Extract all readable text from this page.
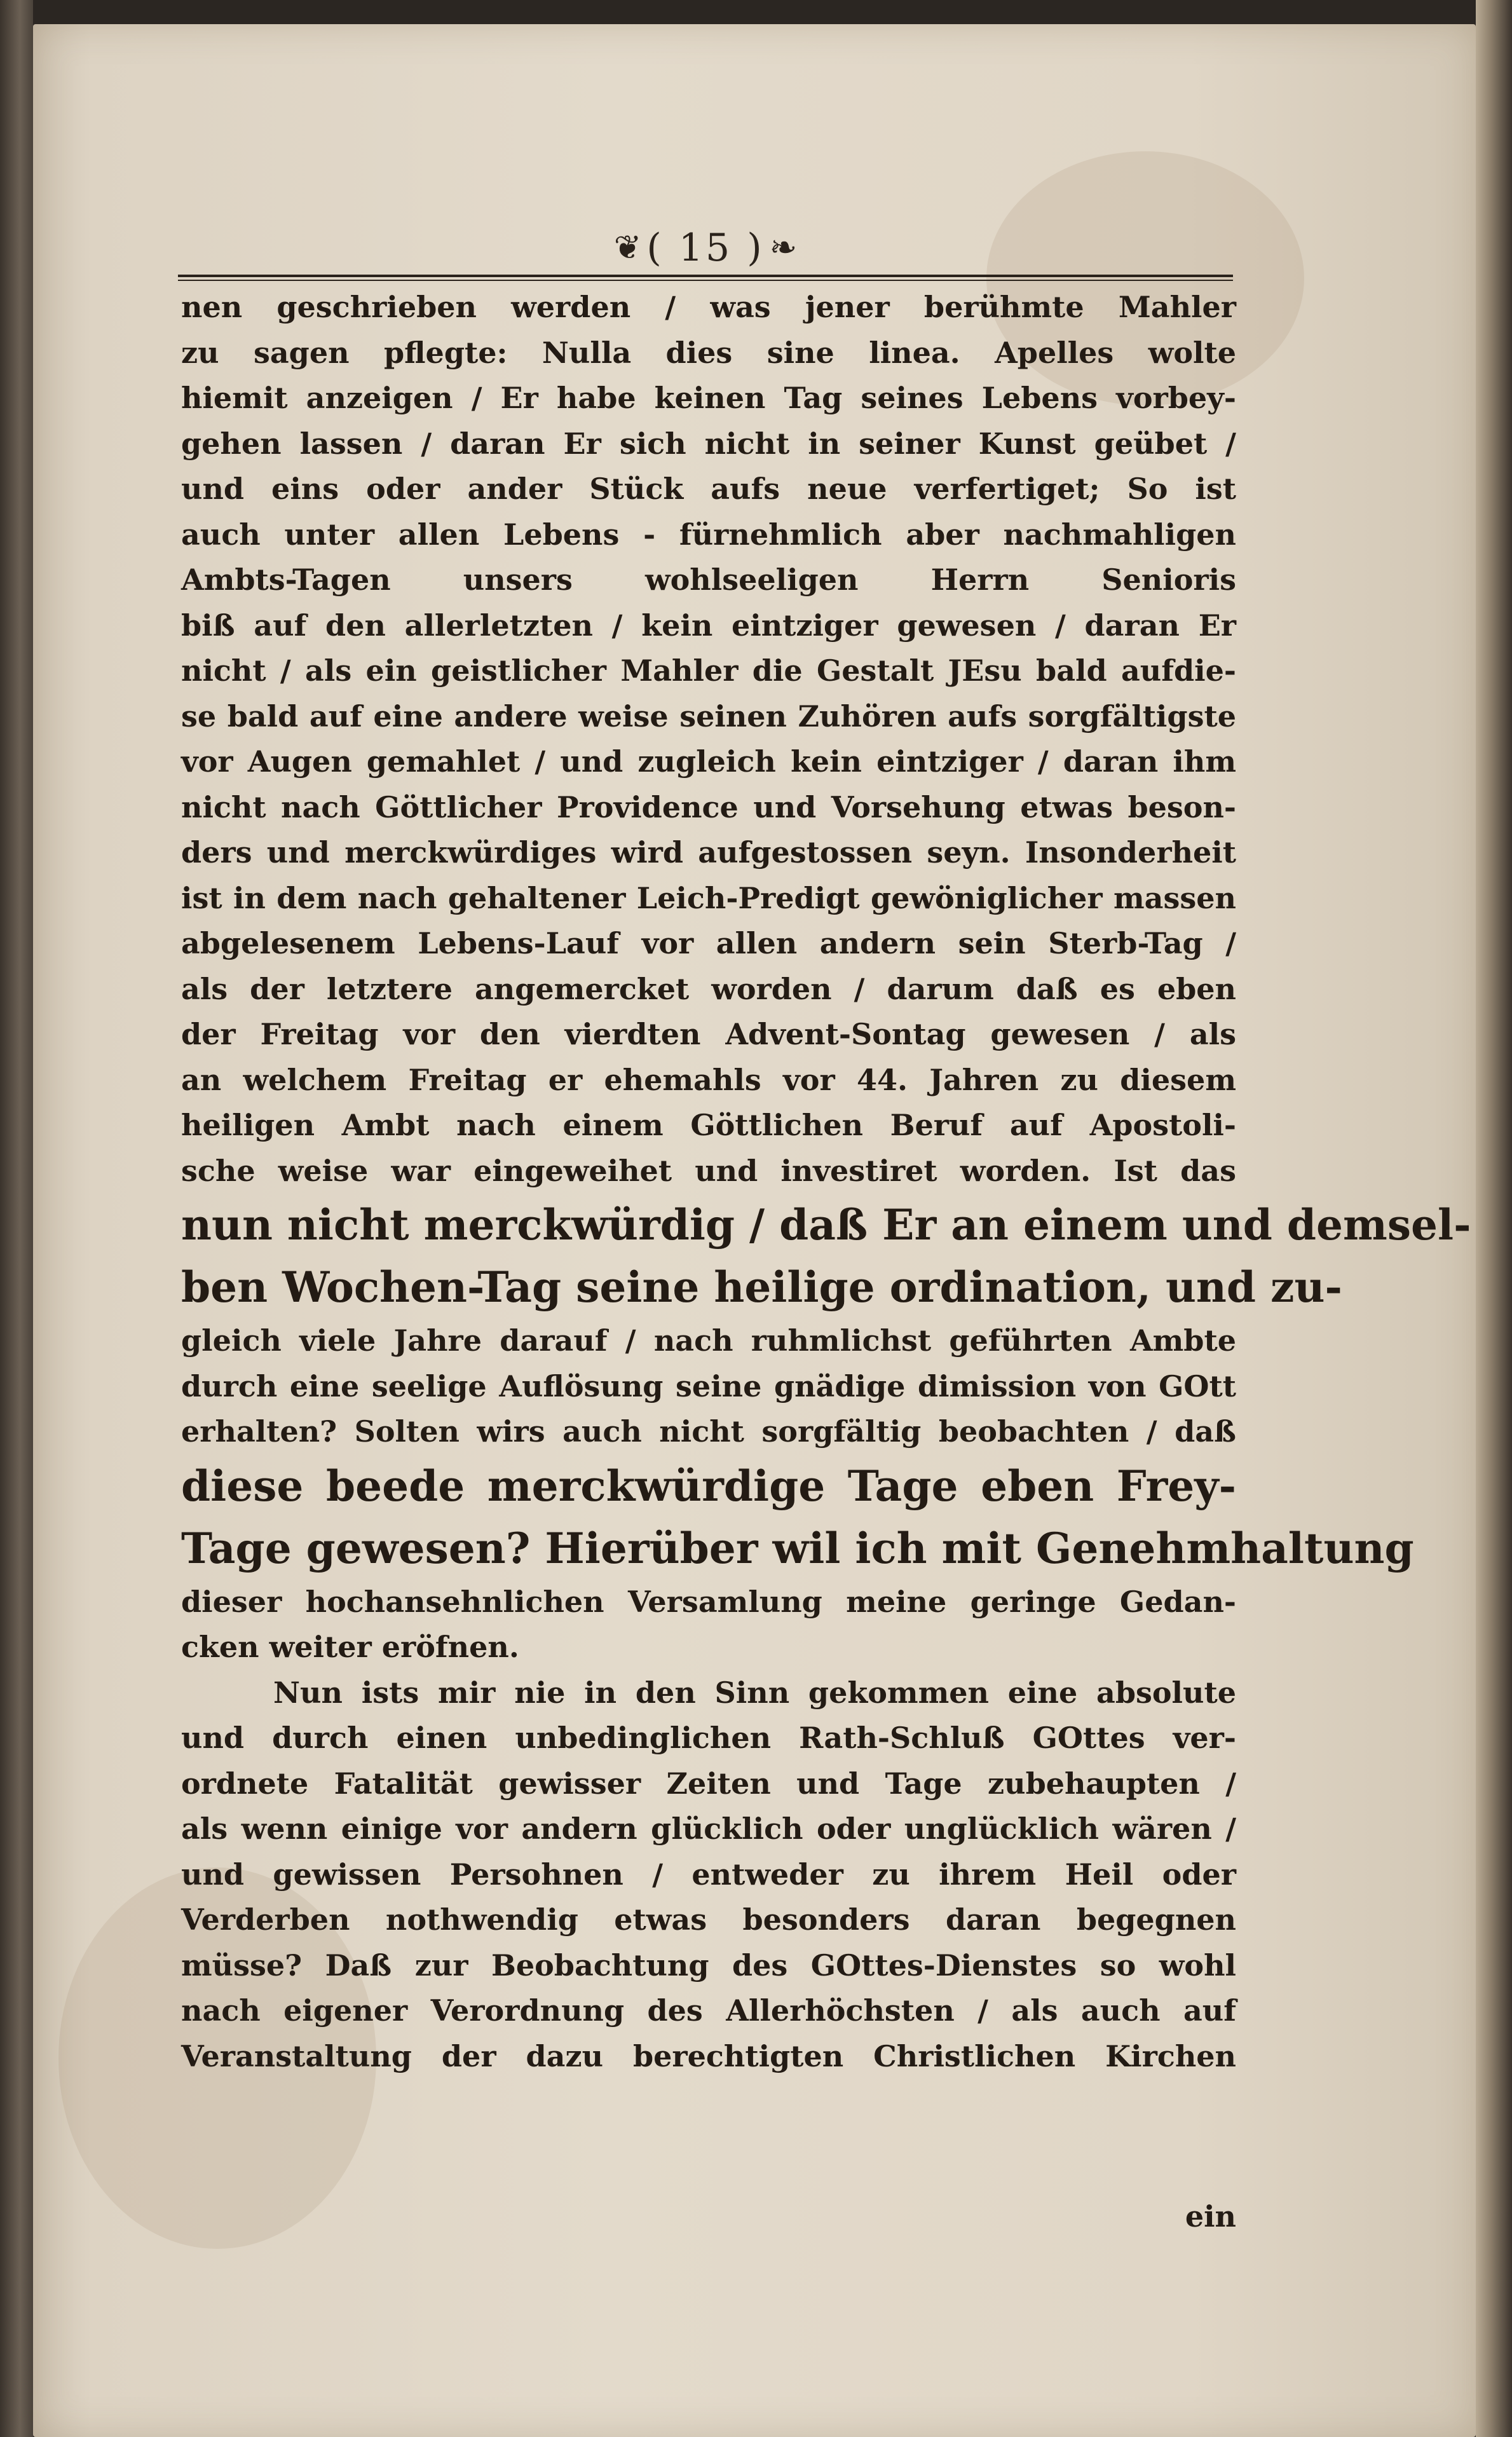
❦ ( 15 ) ❧
nen geschrieben werden / was jener berühmte Mahler
zu sagen pflegte: Nulla dies sine linea. Apelles wolte
hiemit anzeigen / Er habe keinen Tag seines Lebens vorbey-
gehen lassen / daran Er sich nicht in seiner Kunst geübet /
und eins oder ander Stück aufs neue verfertiget; So ist
auch unter allen Lebens - fürnehmlich aber nachmahligen
Ambts-Tagen unsers wohlseeligen Herrn Senioris
biß auf den allerletzten / kein eintziger gewesen / daran Er
nicht / als ein geistlicher Mahler die Gestalt JEsu bald aufdie-
se bald auf eine andere weise seinen Zuhören aufs sorgfältigste
vor Augen gemahlet / und zugleich kein eintziger / daran ihm
nicht nach Göttlicher Providence und Vorsehung etwas beson-
ders und merckwürdiges wird aufgestossen seyn. Insonderheit
ist in dem nach gehaltener Leich-Predigt gewöniglicher massen
abgelesenem Lebens-Lauf vor allen andern sein Sterb-Tag /
als der letztere angemercket worden / darum daß es eben
der Freitag vor den vierdten Advent-Sontag gewesen / als
an welchem Freitag er ehemahls vor 44. Jahren zu diesem
heiligen Ambt nach einem Göttlichen Beruf auf Apostoli-
sche weise war eingeweihet und investiret worden. Ist das
nun nicht merckwürdig / daß Er an einem und demsel-
ben Wochen-Tag seine heilige ordination, und zu-
gleich viele Jahre darauf / nach ruhmlichst geführten Ambte
durch eine seelige Auflösung seine gnädige dimission von GOtt
erhalten? Solten wirs auch nicht sorgfältig beobachten / daß
diese beede merckwürdige Tage eben Frey-
Tage gewesen? Hierüber wil ich mit Genehmhaltung
dieser hochansehnlichen Versamlung meine geringe Gedan-
cken weiter eröfnen.
Nun ists mir nie in den Sinn gekommen eine absolute
und durch einen unbedinglichen Rath-Schluß GOttes ver-
ordnete Fatalität gewisser Zeiten und Tage zubehaupten /
als wenn einige vor andern glücklich oder unglücklich wären /
und gewissen Persohnen / entweder zu ihrem Heil oder
Verderben nothwendig etwas besonders daran begegnen
müsse? Daß zur Beobachtung des GOttes-Dienstes so wohl
nach eigener Verordnung des Allerhöchsten / als auch auf
Veranstaltung der dazu berechtigten Christlichen Kirchen
ein
